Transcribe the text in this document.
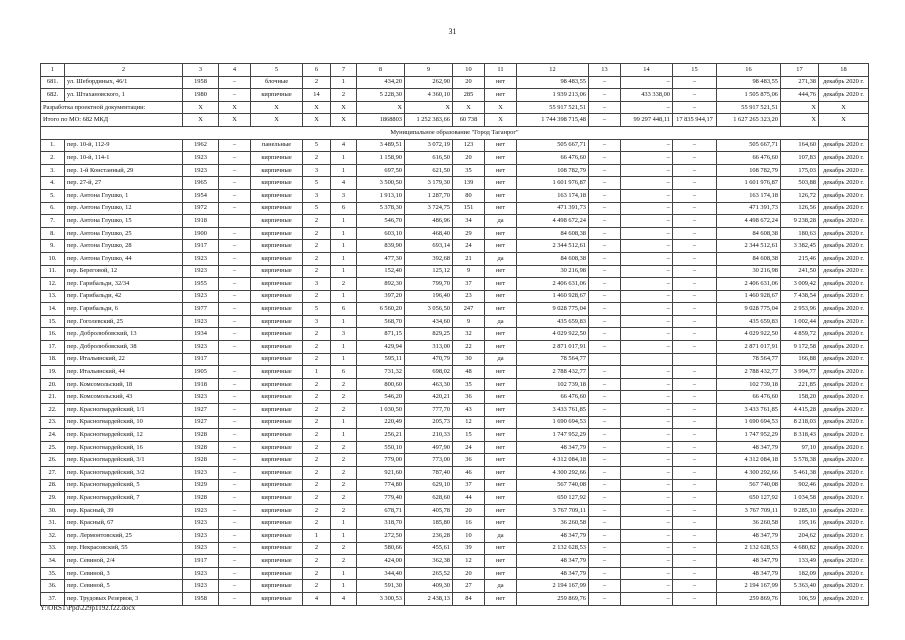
31
1	2	3	4	5	6	7	8	9	10	11	12	13	14	15	16	17	18
681.	ул. Шебординых, 46/1	1958	–	блочные	2	1	434,20	262,90	20	нет	98 483,55	–	–	–	98 483,55	271,38	декабрь 2020 г.
682.	ул. Штахановского, 1	1980	–	кирпичные	14	2	5 228,30	4 360,10	285	нет	1 939 213,06	–	433 338,00	–	1 505 875,06	444,76	декабрь 2020 г.
Разработка проектной документации:		X	X	X	X	X	X	X	X	X	55 917 521,51	–	–	–	55 917 521,51	X	X
Итого по МО: 682 МКД		X	X	X	X	X	1868803	1 252 383,66	60 738	X	1 744 398 715,48	–	99 297 448,11	17 835 944,17	1 627 265 323,20	X	X
Муниципальное образование "Город Таганрог"																	
1.	пер. 10-й, 112-9	1962	–	панельные	5	4	3 489,51	3 072,19	123	нет	505 667,71	–	–	–	505 667,71	164,60	декабрь 2020 г.
2.	пер. 10-й, 114-1	1923	–	кирпичные	2	1	1 158,90	616,50	20	нет	66 476,60	–	–	–	66 476,60	107,83	декабрь 2020 г.
3.	пер. 1-й Констанный, 29	1923	–	кирпичные	3	1	697,50	621,50	35	нет	108 782,79	–	–	–	108 782,79	175,03	декабрь 2020 г.
4.	пер. 27-й, 27	1965	–	кирпичные	5	4	3 500,50	3 179,30	139	нет	1 601 976,87	–	–	–	1 601 976,87	503,88	декабрь 2020 г.
5.	пер. Антона Глушко, 1	1954	–	кирпичные	3	3	1 913,10	1 287,70	80	нет	163 174,18	–	–	–	163 174,18	126,72	декабрь 2020 г.
6.	пер. Антона Глушко, 12	1972	–	кирпичные	5	6	5 378,30	3 724,75	151	нет	471 391,73	–	–	–	471 391,73	126,56	декабрь 2020 г.
7.	пер. Антона Глушко, 15	1918		кирпичные	2	1	546,70	486,96	34	да	4 498 672,24	–	–	–	4 498 672,24	9 238,28	декабрь 2020 г.
8.	пер. Антона Глушко, 25	1900	–	кирпичные	2	1	603,10	468,40	29	нет	84 608,38	–	–	–	84 608,38	180,63	декабрь 2020 г.
9.	пер. Антона Глушко, 28	1917	–	кирпичные	2	1	839,90	693,14	24	нет	2 344 512,61	–	–	–	2 344 512,61	3 382,45	декабрь 2020 г.
10.	пер. Антона Глушко, 44	1923	–	кирпичные	2	1	477,30	392,68	21	да	84 608,38	–	–	–	84 608,38	215,46	декабрь 2020 г.
11.	пер. Береговой, 12	1923	–	кирпичные	2	1	152,40	125,12	9	нет	30 216,98	–	–	–	30 216,98	241,50	декабрь 2020 г.
12.	пер. Гарибальди, 32/34	1955	–	кирпичные	3	2	892,30	799,70	37	нет	2 406 631,06	–	–	–	2 406 631,06	3 009,42	декабрь 2020 г.
13.	пер. Гарибальди, 42	1923	–	кирпичные	2	1	397,20	196,40	23	нет	1 460 928,67	–	–	–	1 460 928,67	7 438,54	декабрь 2020 г.
14.	пер. Гарибальди, 6	1977	–	кирпичные	5	6	6 560,20	3 056,50	247	нет	9 028 775,04	–	–	–	9 028 775,04	2 953,96	декабрь 2020 г.
15.	пер. Гоголевский, 25	1923	–	кирпичные	3	1	568,70	434,60	9	да	435 659,83	–	–	–	435 659,83	1 002,44	декабрь 2020 г.
16.	пер. Добролюбовский, 13	1934	–	кирпичные	2	3	871,15	829,25	32	нет	4 029 922,50	–	–	–	4 029 922,50	4 859,72	декабрь 2020 г.
17.	пер. Добролюбовский, 38	1923	–	кирпичные	2	1	429,94	313,00	22	нет	2 871 017,91	–	–	–	2 871 017,91	9 172,58	декабрь 2020 г.
18.	пер. Итальянский, 22	1917		кирпичные	2	1	595,11	470,79	30	да	78 564,77				78 564,77	166,88	декабрь 2020 г.
19.	пер. Итальянский, 44	1905	–	кирпичные	1	6	731,32	698,02	48	нет	2 788 432,77	–	–	–	2 788 432,77	3 994,77	декабрь 2020 г.
20.	пер. Комсомольский, 18	1918	–	кирпичные	2	2	800,60	463,30	35	нет	102 739,18	–	–	–	102 739,18	221,85	декабрь 2020 г.
21.	пер. Комсомольский, 43	1923	–	кирпичные	2	2	546,20	420,21	36	нет	66 476,60	–	–	–	66 476,60	158,20	декабрь 2020 г.
22.	пер. Красногвардейский, 1/1	1927	–	кирпичные	2	2	1 030,50	777,70	43	нет	3 433 761,85	–	–	–	3 433 761,85	4 415,28	декабрь 2020 г.
23.	пер. Красногвардейский, 10	1927	–	кирпичные	2	1	220,49	205,73	12	нет	1 690 694,53	–	–	–	1 690 694,53	8 218,03	декабрь 2020 г.
24.	пер. Красногвардейский, 12	1928	–	кирпичные	2	1	256,21	210,33	15	нет	1 747 952,29	–	–	–	1 747 952,29	8 318,43	декабрь 2020 г.
25.	пер. Красногвардейский, 16	1928	–	кирпичные	2	2	550,10	497,90	24	нет	48 347,79	–	–	–	48 347,79	97,10	декабрь 2020 г.
26.	пер. Красногвардейский, 3/1	1928	–	кирпичные	2	2	779,00	773,00	36	нет	4 312 084,18	–	–	–	4 312 084,18	5 578,38	декабрь 2020 г.
27.	пер. Красногвардейский, 3/2	1923	–	кирпичные	2	2	921,60	787,40	46	нет	4 300 292,66	–	–	–	4 300 292,66	5 461,38	декабрь 2020 г.
28.	пер. Красногвардейский, 5	1929	–	кирпичные	2	2	774,80	629,10	37	нет	567 740,08	–	–	–	567 740,08	902,46	декабрь 2020 г.
29.	пер. Красногвардейский, 7	1928	–	кирпичные	2	2	779,40	628,60	44	нет	650 127,92	–	–	–	650 127,92	1 034,58	декабрь 2020 г.
30.	пер. Красный, 39	1923	–	кирпичные	2	2	678,71	405,78	20	нет	3 767 709,11	–	–	–	3 767 709,11	9 285,10	декабрь 2020 г.
31.	пер. Красный, 67	1923	–	кирпичные	2	1	318,70	185,80	16	нет	36 260,58	–	–	–	36 260,58	195,16	декабрь 2020 г.
32.	пер. Лермонтовский, 25	1923	–	кирпичные	1	1	272,50	236,28	10	да	48 347,79	–	–	–	48 347,79	204,62	декабрь 2020 г.
33.	пер. Некрасовский, 55	1923	–	кирпичные	2	2	580,66	455,61	39	нет	2 132 628,53	–	–	–	2 132 628,53	4 680,82	декабрь 2020 г.
34.	пер. Севиной, 2/4	1917	–	кирпичные	2	2	424,00	362,38	12	нет	48 347,79	–	–	–	48 347,79	133,49	декабрь 2020 г.
35.	пер. Севиной, 3	1923	–	кирпичные	2	1	344,40	265,52	20	нет	48 347,79	–	–	–	48 347,79	182,09	декабрь 2020 г.
36.	пер. Севиной, 5	1923	–	кирпичные	2	1	591,30	409,30	27	да	2 194 167,99	–	–	–	2 194 167,99	5 363,40	декабрь 2020 г.
37.	пер. Трудовых Резервов, 3	1958	–	кирпичные	4	4	3 300,53	2 438,13	84	нет	259 869,76	–	–	–	259 869,76	106,59	декабрь 2020 г.
Y:\ORST\Ppd\229p1192.f22.docx
